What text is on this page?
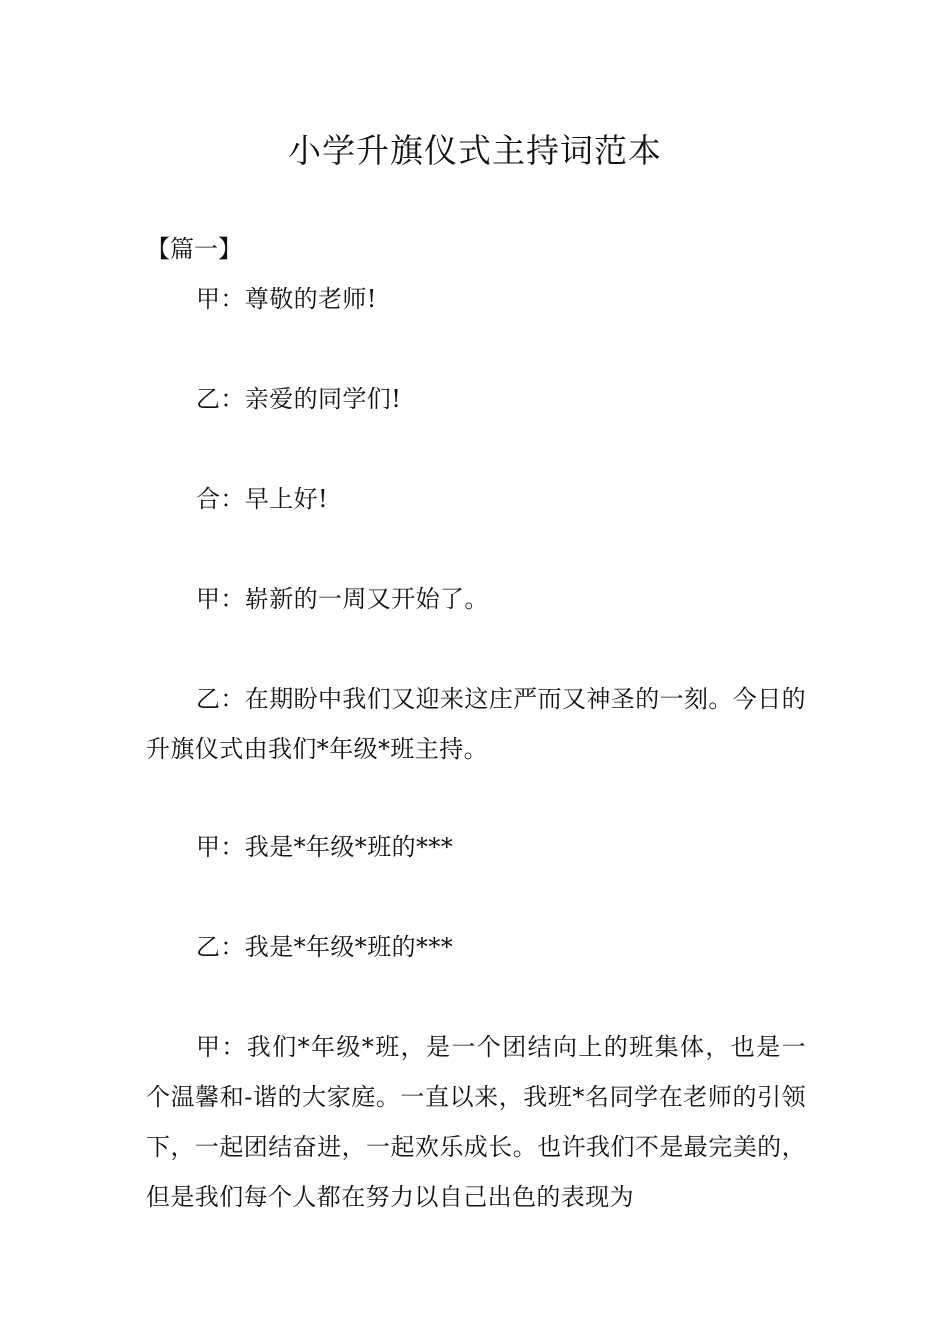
小学升旗仪式主持词范本

【篇一】

甲：尊敬的老师!

乙：亲爱的同学们!

合：早上好!

甲：崭新的一周又开始了。

乙：在期盼中我们又迎来这庄严而又神圣的一刻。今日的升旗仪式由我们*年级*班主持。

甲：我是*年级*班的***

乙：我是*年级*班的***

甲：我们*年级*班，是一个团结向上的班集体，也是一个温馨和-谐的大家庭。一直以来，我班*名同学在老师的引领下，一起团结奋进，一起欢乐成长。也许我们不是最完美的，但是我们每个人都在努力以自己出色的表现为
